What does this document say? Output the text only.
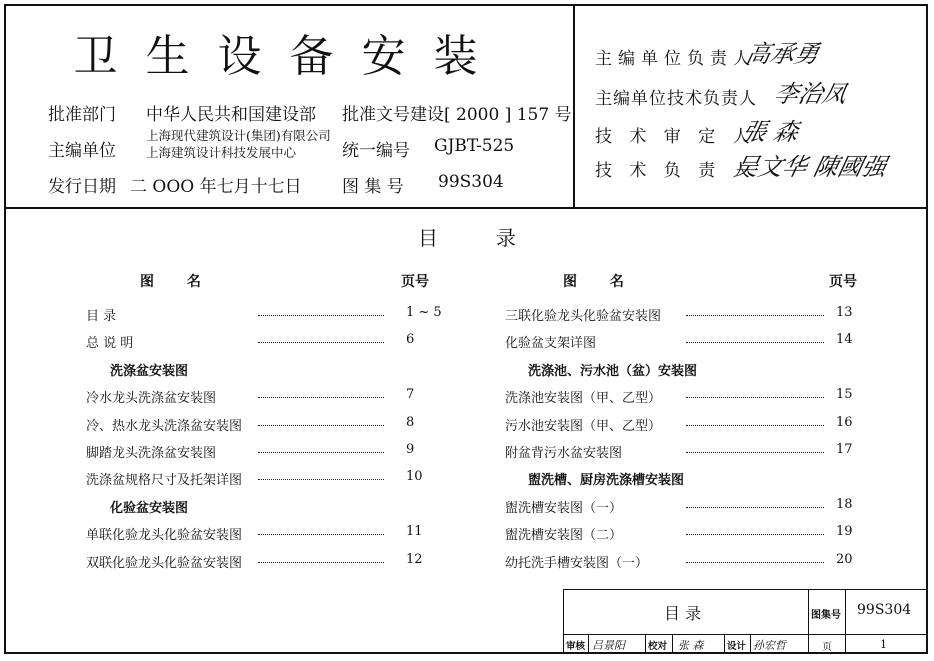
卫生设备安装
批准部门 中华人民共和国建设部 批准文号 建设[ 2000 ] 157 号
主编单位
上海现代建筑设计(集团)有限公司
上海建筑设计科技发展中心	统一编号 GJBT-525
发行日期 二 OOO 年七月十七日 图 集 号 99S304
主编单位负责人
高承勇
主编单位技术负责人 李治凤
技 术 审 定 人
張 森
技 术 负 责 人
吴文华 陳國强
目录
图 名	页号	图 名	页号
目 录	1 ~ 5
总 说 明	6
洗涤盆安装图
冷水龙头洗涤盆安装图	7
冷、热水龙头洗涤盆安装图	8
脚踏龙头洗涤盆安装图	9
洗涤盆规格尺寸及托架详图	10
化验盆安装图
单联化验龙头化验盆安装图	11
双联化验龙头化验盆安装图	12
三联化验龙头化验盆安装图	13
化验盆支架详图	14
洗涤池、污水池（盆）安装图
洗涤池安装图（甲、乙型）	15
污水池安装图（甲、乙型）	16
附盆背污水盆安装图	17
盥洗槽、厨房洗涤槽安装图
盥洗槽安装图（一）	18
盥洗槽安装图（二）	19
幼托洗手槽安装图（一）	20
目 录	图集号 99S304
审核 吕景阳 校对 张 森 设计 孙宏哲	页	1
